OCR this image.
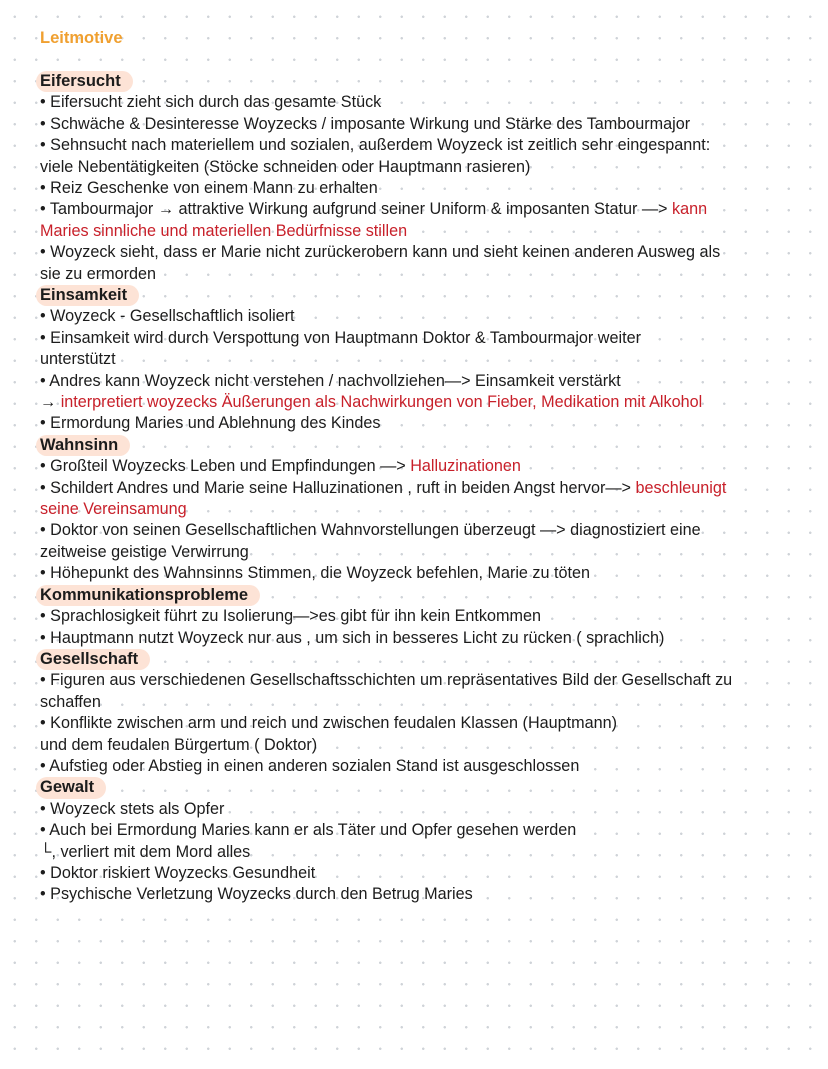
Leitmotive
Eifersucht
• Eifersucht zieht sich durch das gesamte Stück
• Schwäche & Desinteresse Woyzecks / imposante Wirkung und Stärke des Tambourmajor
• Sehnsucht nach materiellem und sozialen, außerdem Woyzeck ist zeitlich sehr eingespannt:
viele Nebentätigkeiten (Stöcke schneiden oder Hauptmann rasieren)
• Reiz Geschenke von einem Mann zu erhalten
• Tambourmajor → attraktive Wirkung aufgrund seiner Uniform & imposanten Statur —> kann
Maries sinnliche und materiellen Bedürfnisse stillen
• Woyzeck sieht, dass er Marie nicht zurückerobern kann und sieht keinen anderen Ausweg als
sie zu ermorden
Einsamkeit
• Woyzeck - Gesellschaftlich isoliert
• Einsamkeit wird durch Verspottung von Hauptmann Doktor & Tambourmajor weiter
unterstützt
• Andres kann Woyzeck nicht verstehen / nachvollziehen—> Einsamkeit verstärkt
→ interpretiert woyzecks Äußerungen als Nachwirkungen von Fieber, Medikation mit Alkohol
• Ermordung Maries und Ablehnung des Kindes
Wahnsinn
• Großteil Woyzecks Leben und Empfindungen —> Halluzinationen
• Schildert Andres und Marie seine Halluzinationen , ruft in beiden Angst hervor—> beschleunigt
seine Vereinsamung
• Doktor von seinen Gesellschaftlichen Wahnvorstellungen überzeugt —> diagnostiziert eine
zeitweise geistige Verwirrung
• Höhepunkt des Wahnsinns Stimmen, die Woyzeck befehlen, Marie zu töten
Kommunikationsprobleme
• Sprachlosigkeit führt zu Isolierung—>es gibt für ihn kein Entkommen
• Hauptmann nutzt Woyzeck nur aus , um sich in besseres Licht zu rücken ( sprachlich)
Gesellschaft
• Figuren aus verschiedenen Gesellschaftsschichten um repräsentatives Bild der Gesellschaft zu
schaffen
• Konflikte zwischen arm und reich und zwischen feudalen Klassen (Hauptmann)
und dem feudalen Bürgertum ( Doktor)
• Aufstieg oder Abstieg in einen anderen sozialen Stand ist ausgeschlossen
Gewalt
• Woyzeck stets als Opfer
• Auch bei Ermordung Maries kann er als Täter und Opfer gesehen werden
└, verliert mit dem Mord alles
• Doktor riskiert Woyzecks Gesundheit
• Psychische Verletzung Woyzecks durch den Betrug Maries
